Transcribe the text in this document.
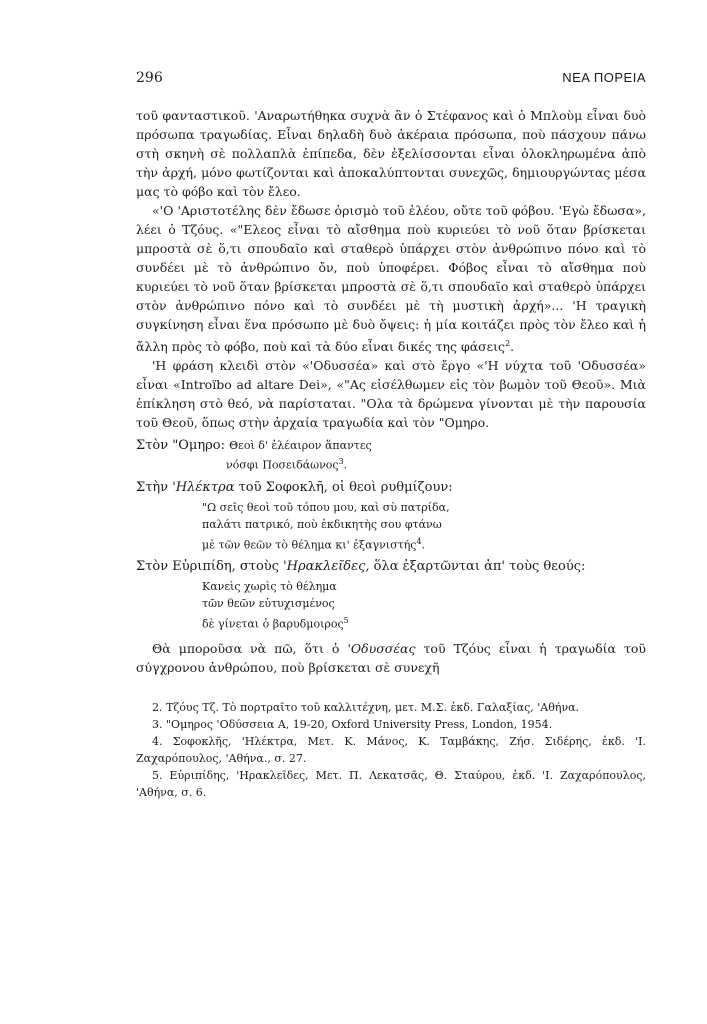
296	ΝΕΑ ΠΟΡΕΙΑ

τοῦ φανταστικοῦ. 'Αναρωτήθηκα συχνὰ ἂν ὁ Στέφανος καὶ ὁ Μπλοὺμ εἶναι δυὸ πρόσωπα τραγωδίας. Εἶναι δηλαδὴ δυὸ ἀκέραια πρόσωπα, ποὺ πάσχουν πάνω στὴ σκηνὴ σὲ πολλαπλὰ ἐπίπεδα, δὲν ἐξελίσσονται εἶναι ὁλοκληρωμένα ἀπὸ τὴν ἀρχή, μόνο φωτίζονται καὶ ἀποκαλύπτονται συνεχῶς, δημιουργώντας μέσα μας τὸ φόβο καὶ τὸν ἔλεο.

«'Ο 'Αριστοτέλης δὲν ἔδωσε ὁρισμὸ τοῦ ἐλέου, οὔτε τοῦ φόβου. 'Εγὼ ἔδωσα», λέει ὁ Τζόυς. «"Ελεος εἶναι τὸ αἴσθημα ποὺ κυριεύει τὸ νοῦ ὅταν βρίσκεται μπροστὰ σὲ ὅ,τι σπουδαῖο καὶ σταθερὸ ὑπάρχει στὸν ἀνθρώπινο πόνο καὶ τὸ συνδέει μὲ τὸ ἀνθρώπινο ὄν, ποὺ ὑποφέρει. Φόβος εἶναι τὸ αἴσθημα ποὺ κυριεύει τὸ νοῦ ὅταν βρίσκεται μπροστὰ σὲ ὅ,τι σπουδαῖο καὶ σταθερὸ ὑπάρχει στὸν ἀνθρώπινο πόνο καὶ τὸ συνδέει μὲ τὴ μυστικὴ ἀρχή»... 'Η τραγικὴ συγκίνηση εἶναι ἕνα πρόσωπο μὲ δυὸ ὄψεις: ἡ μία κοιτάζει πρὸς τὸν ἔλεο καὶ ἡ ἄλλη πρὸς τὸ φόβο, ποὺ καὶ τὰ δύο εἶναι δικές της φάσεις$^2$.

'Η φράση κλειδὶ στὸν «'Οδυσσέα» καὶ στὸ ἔργο «'Η νύχτα τοῦ 'Οδυσσέα» εἶναι «Introïbo ad altare Dei», «"Ας εἰσέλθωμεν εἰς τὸν βωμὸν τοῦ Θεοῦ». Μιὰ ἐπίκληση στὸ θεό, νὰ παρίσταται. "Ολα τὰ δρώμενα γίνονται μὲ τὴν παρουσία τοῦ Θεοῦ, ὅπως στὴν ἀρχαία τραγωδία καὶ τὸν "Ομηρο.

Στὸν "Ομηρο: Θεοὶ δ' ἐλέαιρον ἅπαντες
νόσφι Ποσειδάωνος$^3$.
Στὴν 'Ηλέκτρα τοῦ Σοφοκλῆ, οἱ θεοὶ ρυθμίζουν:
"Ω σεῖς θεοὶ τοῦ τόπου μου, καὶ σὺ πατρίδα,
παλάτι πατρικό, ποὺ ἐκδικητὴς σου φτάνω
μὲ τῶν θεῶν τὸ θέλημα κι' ἐξαγνιστής$^4$.
Στὸν Εὐριπίδη, στοὺς 'Ηρακλεῖδες, ὅλα ἐξαρτῶνται ἀπ' τοὺς θεούς:
Κανεὶς χωρὶς τὸ θέλημα
τῶν θεῶν εὐτυχισμένος
δὲ γίνεται ὁ βαρυδμοιρος$^5$

Θὰ μποροῦσα νὰ πῶ, ὅτι ὁ 'Οδυσσέας τοῦ Τζόυς εἶναι ἡ τραγωδία τοῦ σύγχρονου ἀνθρώπου, ποὺ βρίσκεται σὲ συνεχῆ

2. Τζόυς Τζ. Τὸ πορτραῖτο τοῦ καλλιτέχνη, μετ. Μ.Σ. ἐκδ. Γαλαξίας, 'Αθήνα.

3. "Ομηρος 'Οδύσσεια Α, 19-20, Oxford University Press, London, 1954.

4. Σοφοκλῆς, 'Ηλέκτρα, Μετ. Κ. Μάνος, Κ. Ταμβάκης, Ζήσ. Σιδέρης, ἐκδ. 'Ι. Ζαχαρόπουλος, 'Αθήνα., σ. 27.

5. Εὐριπίδης, 'Ηρακλεῖδες, Μετ. Π. Λεκατσᾶς, Θ. Σταύρου, ἐκδ. 'Ι. Ζαχαρόπουλος, 'Αθήνα, σ. 6.
